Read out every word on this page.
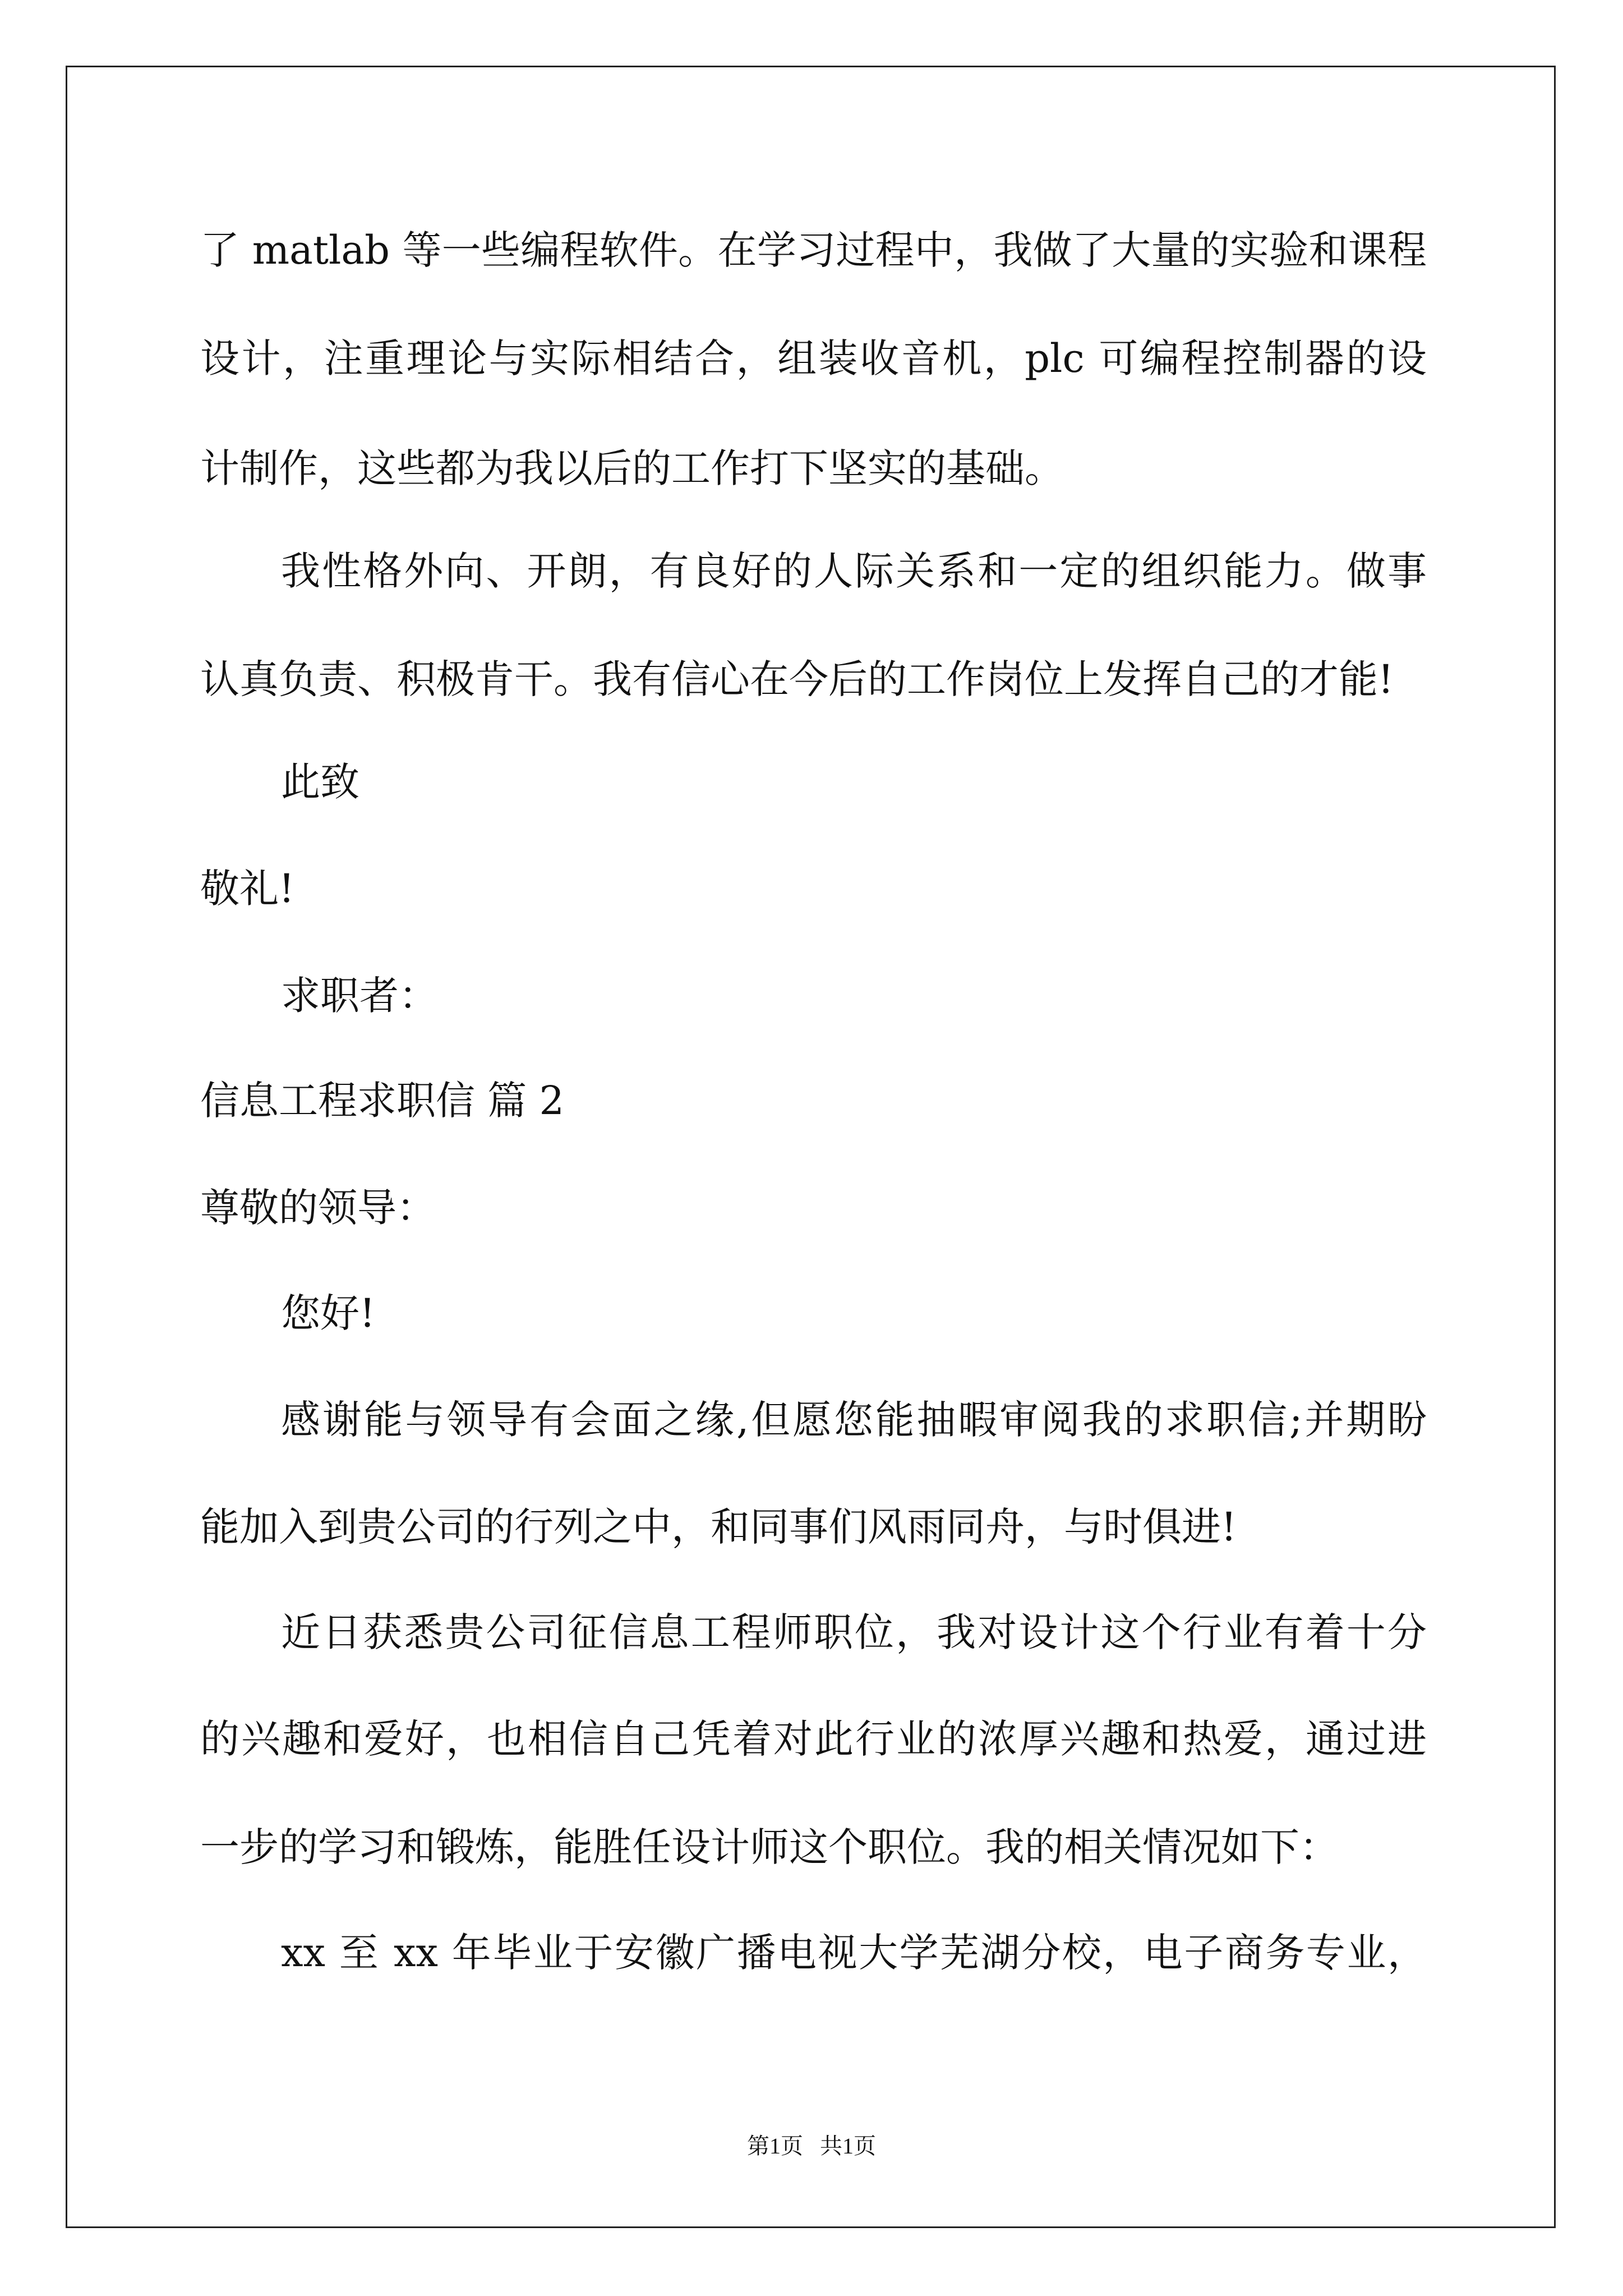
了 matlab 等一些编程软件。在学习过程中，我做了大量的实验和课程
设计，注重理论与实际相结合，组装收音机，plc 可编程控制器的设
计制作，这些都为我以后的工作打下坚实的基础。
我性格外向、开朗，有良好的人际关系和一定的组织能力。做事
认真负责、积极肯干。我有信心在今后的工作岗位上发挥自己的才能!
此致
敬礼!
求职者：
信息工程求职信 篇 2
尊敬的领导：
您好!
感谢能与领导有会面之缘,但愿您能抽暇审阅我的求职信;并期盼
能加入到贵公司的行列之中，和同事们风雨同舟，与时俱进!
近日获悉贵公司征信息工程师职位，我对设计这个行业有着十分
的兴趣和爱好，也相信自己凭着对此行业的浓厚兴趣和热爱，通过进
一步的学习和锻炼，能胜任设计师这个职位。我的相关情况如下：
xx 至 xx 年毕业于安徽广播电视大学芜湖分校，电子商务专业，
第1页   共1页
